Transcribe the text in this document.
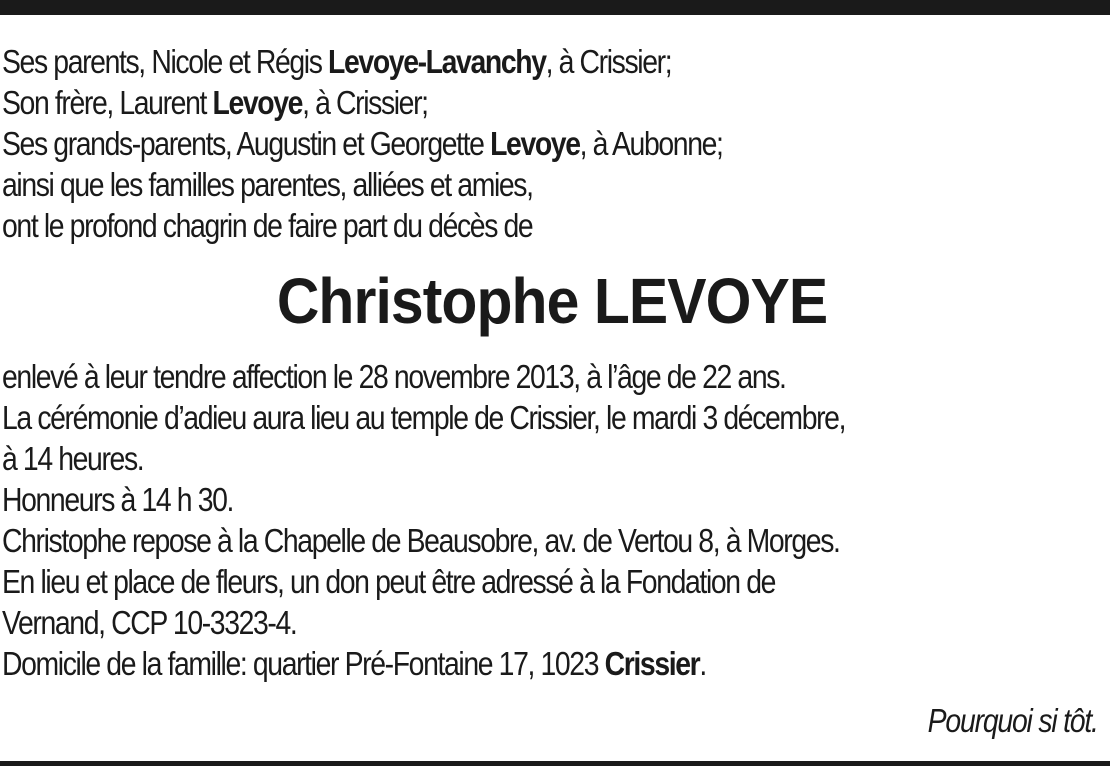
Ses parents, Nicole et Régis Levoye-Lavanchy, à Crissier;
Son frère, Laurent Levoye, à Crissier;
Ses grands-parents, Augustin et Georgette Levoye, à Aubonne;
ainsi que les familles parentes, alliées et amies,
ont le profond chagrin de faire part du décès de
Christophe LEVOYE
enlevé à leur tendre affection le 28 novembre 2013, à l’âge de 22 ans.
La cérémonie d’adieu aura lieu au temple de Crissier, le mardi 3 décembre,
à 14 heures.
Honneurs à 14 h 30.
Christophe repose à la Chapelle de Beausobre, av. de Vertou 8, à Morges.
En lieu et place de fleurs, un don peut être adressé à la Fondation de
Vernand, CCP 10-3323-4.
Domicile de la famille: quartier Pré-Fontaine 17, 1023 Crissier.
Pourquoi si tôt.
